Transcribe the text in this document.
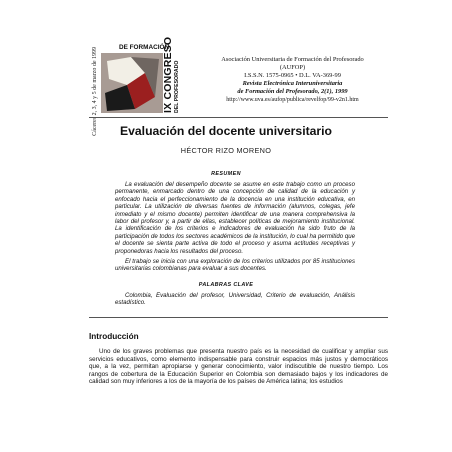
Cáceres 2, 3, 4 y 5 de marzo de 1999	DE FORMACIÓN
IX CONGRESO DEL PROFESORADO
Asociación Universitaria de Formación del Profesorado
(AUFOP)
I.S.S.N. 1575-0965 • D.L. VA-369-99
Revista Electrónica Interuniversitaria
de Formación del Profesorado, 2(1), 1999
http://www.uva.es/aufop/publica/revelfop/99-v2n1.htm
Evaluación del docente universitario
HÉCTOR RIZO MORENO
RESUMEN

La evaluación del desempeño docente se asume en este trabajo como un proceso permanente, enmarcado dentro de una concepción de calidad de la educación y enfocado hacia el perfeccionamiento de la docencia en una institución educativa, en particular. La utilización de diversas fuentes de información (alumnos, colegas, jefe inmediato y el mismo docente) permiten identificar de una manera comprehensiva la labor del profesor y, a partir de ellas, establecer políticas de mejoramiento institucional. La identificación de los criterios e indicadores de evaluación ha sido fruto de la participación de todos los sectores académicos de la institución, lo cual ha permitido que el docente se sienta parte activa de todo el proceso y asuma actitudes receptivas y proponedoras hacia los resultados del proceso.

El trabajo se inicia con una exploración de los criterios utilizados por 85 instituciones universitarias colombianas para evaluar a sus docentes.

PALABRAS CLAVE

Colombia, Evaluación del profesor, Universidad, Criterio de evaluación, Análisis estadístico.

Introducción

Uno de los graves problemas que presenta nuestro país es la necesidad de cualificar y ampliar sus servicios educativos, como elemento indispensable para construir espacios más justos y democráticos que, a la vez, permitan apropiarse y generar conocimiento, valor indiscutible de nuestro tiempo. Los rangos de cobertura de la Educación Superior en Colombia son demasiado bajos y los indicadores de calidad son muy inferiores a los de la mayoría de los países de América latina; los estudios
